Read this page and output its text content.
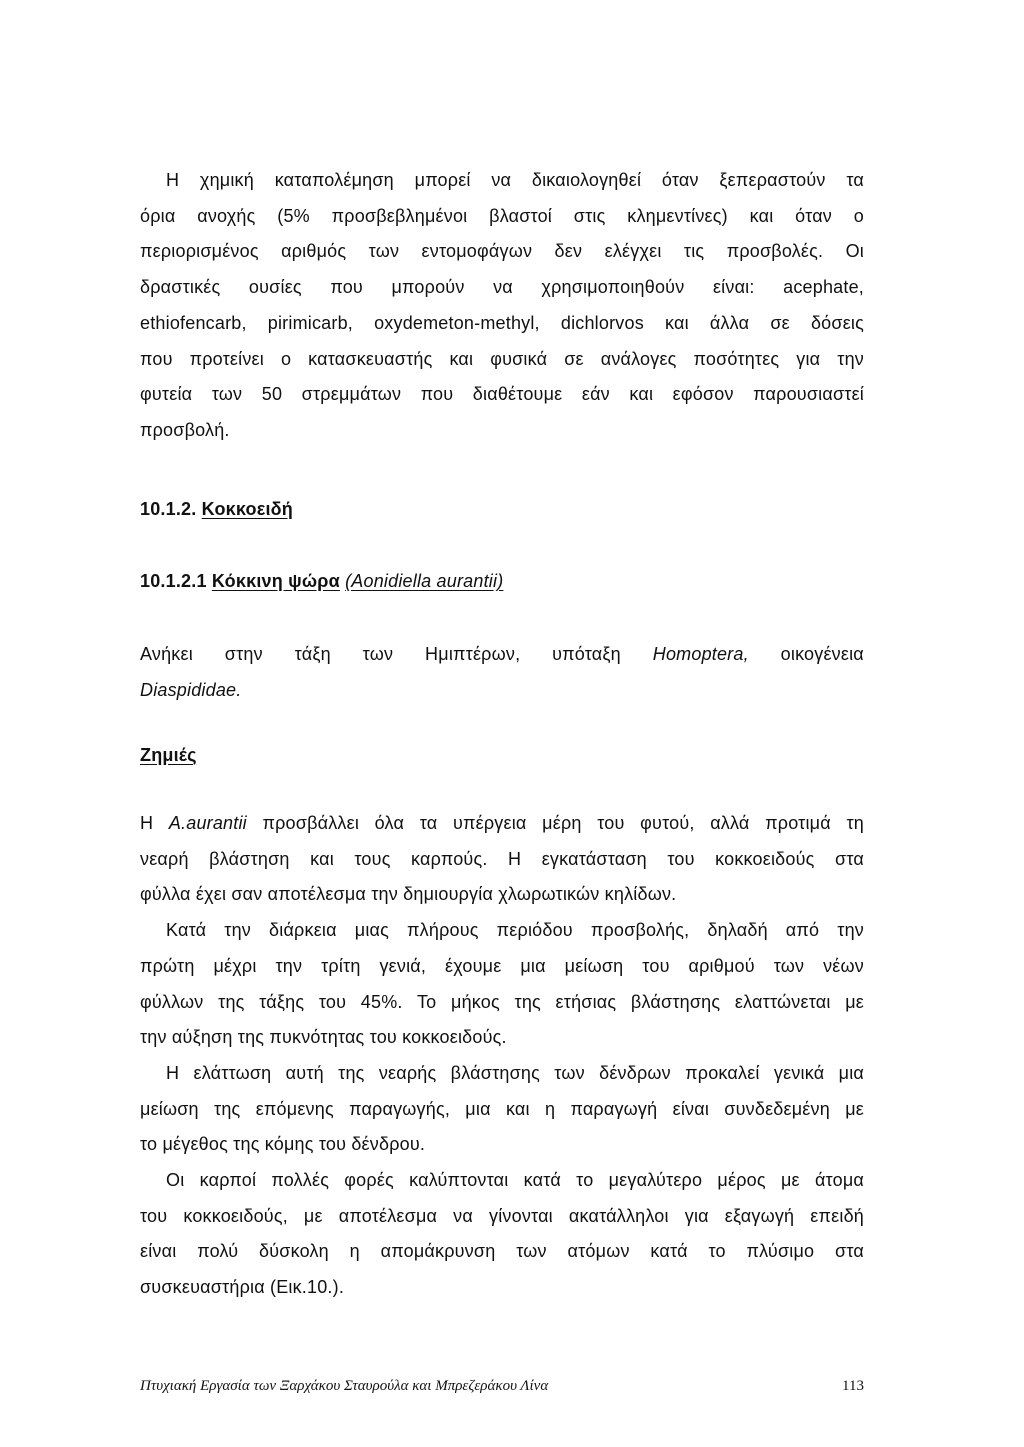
Η χημική καταπολέμηση μπορεί να δικαιολογηθεί όταν ξεπεραστούν τα
όρια ανοχής (5% προσβεβλημένοι βλαστοί στις κλημεντίνες) και όταν ο
περιορισμένος αριθμός των εντομοφάγων δεν ελέγχει τις προσβολές. Οι
δραστικές ουσίες που μπορούν να χρησιμοποιηθούν είναι: acephate,
ethiofencarb, pirimicarb, oxydemeton-methyl, dichlorvos και άλλα σε δόσεις
που προτείνει ο κατασκευαστής και φυσικά σε ανάλογες ποσότητες για την
φυτεία των 50 στρεμμάτων που διαθέτουμε εάν και εφόσον παρουσιαστεί
προσβολή.
10.1.2. Κοκκοειδή
10.1.2.1 Κόκκινη ψώρα (Aonidiella aurantii)
Ανήκει στην τάξη των Ημιπτέρων, υπόταξη Homoptera, οικογένεια
Diaspididae.
Ζημιές
Η A.aurantii προσβάλλει όλα τα υπέργεια μέρη του φυτού, αλλά προτιμά τη
νεαρή βλάστηση και τους καρπούς. Η εγκατάσταση του κοκκοειδούς στα
φύλλα έχει σαν αποτέλεσμα την δημιουργία χλωρωτικών κηλίδων.
Κατά την διάρκεια μιας πλήρους περιόδου προσβολής, δηλαδή από την
πρώτη μέχρι την τρίτη γενιά, έχουμε μια μείωση του αριθμού των νέων
φύλλων της τάξης του 45%. Το μήκος της ετήσιας βλάστησης ελαττώνεται με
την αύξηση της πυκνότητας του κοκκοειδούς.
Η ελάττωση αυτή της νεαρής βλάστησης των δένδρων προκαλεί γενικά μια
μείωση της επόμενης παραγωγής, μια και η παραγωγή είναι συνδεδεμένη με
το μέγεθος της κόμης του δένδρου.
Οι καρποί πολλές φορές καλύπτονται κατά το μεγαλύτερο μέρος με άτομα
του κοκκοειδούς, με αποτέλεσμα να γίνονται ακατάλληλοι για εξαγωγή επειδή
είναι πολύ δύσκολη η απομάκρυνση των ατόμων κατά το πλύσιμο στα
συσκευαστήρια (Εικ.10.).
Πτυχιακή Εργασία των Ξαρχάκου Σταυρούλα και Μπρεζεράκου Λίνα	113
